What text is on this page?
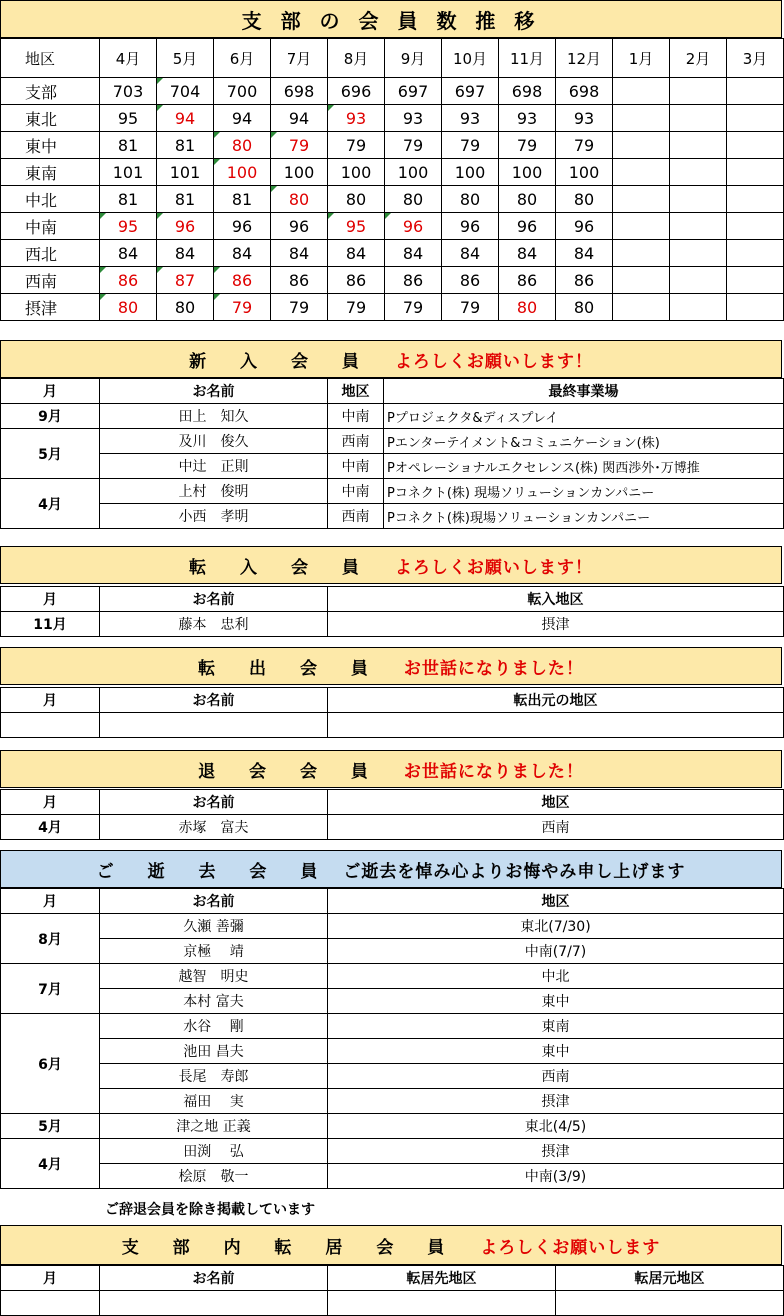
支 部 の 会 員 数 推 移
地区	4月	5月	6月	7月	8月	9月	10月	11月	12月	1月	2月	3月
支部	703	704	700	698	696	697	697	698	698			
東北	95	94	94	94	93	93	93	93	93			
東中	81	81	80	79	79	79	79	79	79			
東南	101	101	100	100	100	100	100	100	100			
中北	81	81	81	80	80	80	80	80	80			
中南	95	96	96	96	95	96	96	96	96			
西北	84	84	84	84	84	84	84	84	84			
西南	86	87	86	86	86	86	86	86	86			
摂津	80	80	79	79	79	79	79	80	80			
新 入 会 員 よろしくお願いします！
月	お名前	地区	最終事業場
9月	田上　知久	中南	Pプロジェクタ&ディスプレイ
5月	及川　俊久	西南	Pエンターテイメント&コミュニケーション(株)
	中辻　正則	中南	Pオペレーショナルエクセレンス(株) 関西渉外･万博推
4月	上村　俊明	中南	Pコネクト(株) 現場ソリューションカンパニー
	小西　孝明	西南	Pコネクト(株)現場ソリューションカンパニー
転 入 会 員 よろしくお願いします！
月	お名前	転入地区
11月	藤本　忠利	摂津
転 出 会 員 お世話になりました！
月	お名前	転出元の地区

退 会 会 員 お世話になりました！
月	お名前	地区
4月	赤塚　富夫	西南
ご 逝 去 会 員 ご逝去を悼み心よりお悔やみ申し上げます
月	お名前	地区
8月	久瀬 善彌	東北(7/30)
	京極　 靖	中南(7/7)
7月	越智　明史	中北
	本村 富夫	東中
6月	水谷　 剛	東南
	池田 昌夫	東中
	長尾　寿郎	西南
	福田　 実	摂津
5月	津之地 正義	東北(4/5)
4月	田渕　 弘	摂津
	桧原　敬一	中南(3/9)
ご辞退会員を除き掲載しています
支 部 内 転 居 会 員 よろしくお願いします
月	お名前	転居先地区	転居元地区
